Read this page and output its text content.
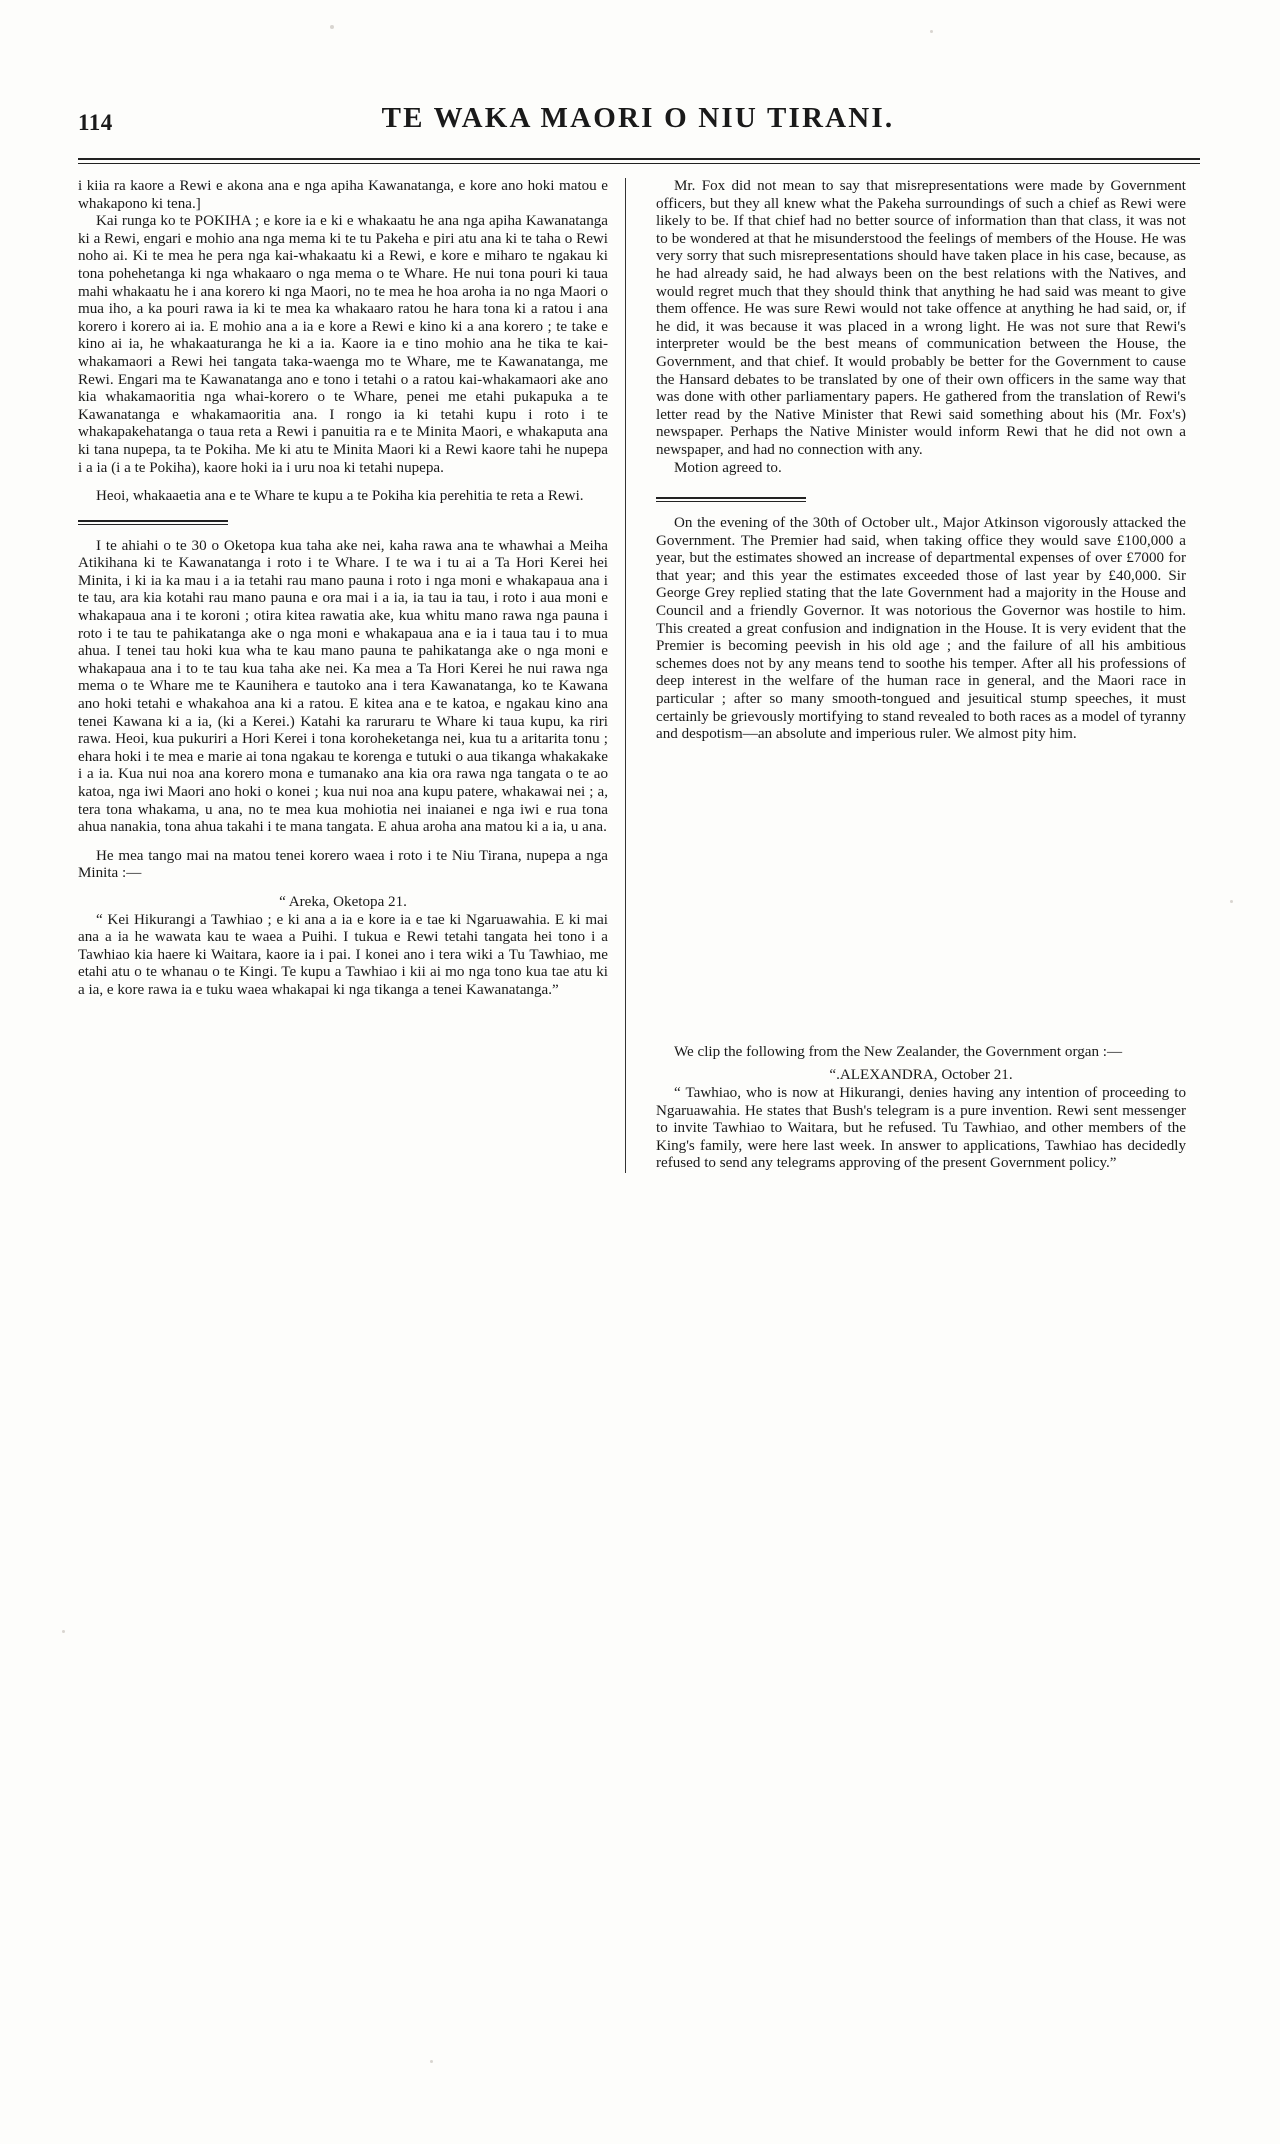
114	TE WAKA MAORI O NIU TIRANI.

i kiia ra kaore a Rewi e akona ana e nga apiha Kawanatanga, e kore ano hoki matou e whakapono ki tena.]

Kai runga ko te POKIHA ; e kore ia e ki e whakaatu he ana nga apiha Kawanatanga ki a Rewi, engari e mohio ana nga mema ki te tu Pakeha e piri atu ana ki te taha o Rewi noho ai. Ki te mea he pera nga kai-whakaatu ki a Rewi, e kore e miharo te ngakau ki tona pohehetanga ki nga whakaaro o nga mema o te Whare. He nui tona pouri ki taua mahi whakaatu he i ana korero ki nga Maori, no te mea he hoa aroha ia no nga Maori o mua iho, a ka pouri rawa ia ki te mea ka whakaaro ratou he hara tona ki a ratou i ana korero i korero ai ia. E mohio ana a ia e kore a Rewi e kino ki a ana korero ; te take e kino ai ia, he whakaaturanga he ki a ia. Kaore ia e tino mohio ana he tika te kai-whakamaori a Rewi hei tangata taka-waenga mo te Whare, me te Kawanatanga, me Rewi. Engari ma te Kawanatanga ano e tono i tetahi o a ratou kai-whakamaori ake ano kia whakamaoritia nga whai-korero o te Whare, penei me etahi pukapuka a te Kawanatanga e whakamaoritia ana. I rongo ia ki tetahi kupu i roto i te whakapakehatanga o taua reta a Rewi i panuitia ra e te Minita Maori, e whakaputa ana ki tana nupepa, ta te Pokiha. Me ki atu te Minita Maori ki a Rewi kaore tahi he nupepa i a ia (i a te Pokiha), kaore hoki ia i uru noa ki tetahi nupepa.

Heoi, whakaaetia ana e te Whare te kupu a te Pokiha kia perehitia te reta a Rewi.

I te ahiahi o te 30 o Oketopa kua taha ake nei, kaha rawa ana te whawhai a Meiha Atikihana ki te Kawanatanga i roto i te Whare. I te wa i tu ai a Ta Hori Kerei hei Minita, i ki ia ka mau i a ia tetahi rau mano pauna i roto i nga moni e whakapaua ana i te tau, ara kia kotahi rau mano pauna e ora mai i a ia, ia tau ia tau, i roto i aua moni e whakapaua ana i te koroni ; otira kitea rawatia ake, kua whitu mano rawa nga pauna i roto i te tau te pahikatanga ake o nga moni e whakapaua ana e ia i taua tau i to mua ahua. I tenei tau hoki kua wha te kau mano pauna te pahikatanga ake o nga moni e whakapaua ana i to te tau kua taha ake nei. Ka mea a Ta Hori Kerei he nui rawa nga mema o te Whare me te Kaunihera e tautoko ana i tera Kawanatanga, ko te Kawana ano hoki tetahi e whakahoa ana ki a ratou. E kitea ana e te katoa, e ngakau kino ana tenei Kawana ki a ia, (ki a Kerei.) Katahi ka raruraru te Whare ki taua kupu, ka riri rawa. Heoi, kua pukuriri a Hori Kerei i tona koroheketanga nei, kua tu a aritarita tonu ; ehara hoki i te mea e marie ai tona ngakau te korenga e tutuki o aua tikanga whakakake i a ia. Kua nui noa ana korero mona e tumanako ana kia ora rawa nga tangata o te ao katoa, nga iwi Maori ano hoki o konei ; kua nui noa ana kupu patere, whakawai nei ; a, tera tona whakama, u ana, no te mea kua mohiotia nei inaianei e nga iwi e rua tona ahua nanakia, tona ahua takahi i te mana tangata. E ahua aroha ana matou ki a ia, u ana.

He mea tango mai na matou tenei korero waea i roto i te Niu Tirana, nupepa a nga Minita :—

“ Areka, Oketopa 21.

“ Kei Hikurangi a Tawhiao ; e ki ana a ia e kore ia e tae ki Ngaruawahia. E ki mai ana a ia he wawata kau te waea a Puihi. I tukua e Rewi tetahi tangata hei tono i a Tawhiao kia haere ki Waitara, kaore ia i pai. I konei ano i tera wiki a Tu Tawhiao, me etahi atu o te whanau o te Kingi. Te kupu a Tawhiao i kii ai mo nga tono kua tae atu ki a ia, e kore rawa ia e tuku waea whakapai ki nga tikanga a tenei Kawanatanga.”

Mr. Fox did not mean to say that misrepresentations were made by Government officers, but they all knew what the Pakeha surroundings of such a chief as Rewi were likely to be. If that chief had no better source of information than that class, it was not to be wondered at that he misunderstood the feelings of members of the House. He was very sorry that such misrepresentations should have taken place in his case, because, as he had already said, he had always been on the best relations with the Natives, and would regret much that they should think that anything he had said was meant to give them offence. He was sure Rewi would not take offence at anything he had said, or, if he did, it was because it was placed in a wrong light. He was not sure that Rewi's interpreter would be the best means of communication between the House, the Government, and that chief. It would probably be better for the Government to cause the Hansard debates to be translated by one of their own officers in the same way that was done with other parliamentary papers. He gathered from the translation of Rewi's letter read by the Native Minister that Rewi said something about his (Mr. Fox's) newspaper. Perhaps the Native Minister would inform Rewi that he did not own a newspaper, and had no connection with any.

Motion agreed to.

On the evening of the 30th of October ult., Major Atkinson vigorously attacked the Government. The Premier had said, when taking office they would save £100,000 a year, but the estimates showed an increase of departmental expenses of over £7000 for that year; and this year the estimates exceeded those of last year by £40,000. Sir George Grey replied stating that the late Government had a majority in the House and Council and a friendly Governor. It was notorious the Governor was hostile to him. This created a great confusion and indignation in the House. It is very evident that the Premier is becoming peevish in his old age ; and the failure of all his ambitious schemes does not by any means tend to soothe his temper. After all his professions of deep interest in the welfare of the human race in general, and the Maori race in particular ; after so many smooth-tongued and jesuitical stump speeches, it must certainly be grievously mortifying to stand revealed to both races as a model of tyranny and despotism—an absolute and imperious ruler. We almost pity him.

We clip the following from the New Zealander, the Government organ :—

“.ALEXANDRA, October 21.

“ Tawhiao, who is now at Hikurangi, denies having any intention of proceeding to Ngaruawahia. He states that Bush's telegram is a pure invention. Rewi sent messenger to invite Tawhiao to Waitara, but he refused. Tu Tawhiao, and other members of the King's family, were here last week. In answer to applications, Tawhiao has decidedly refused to send any telegrams approving of the present Government policy.”
